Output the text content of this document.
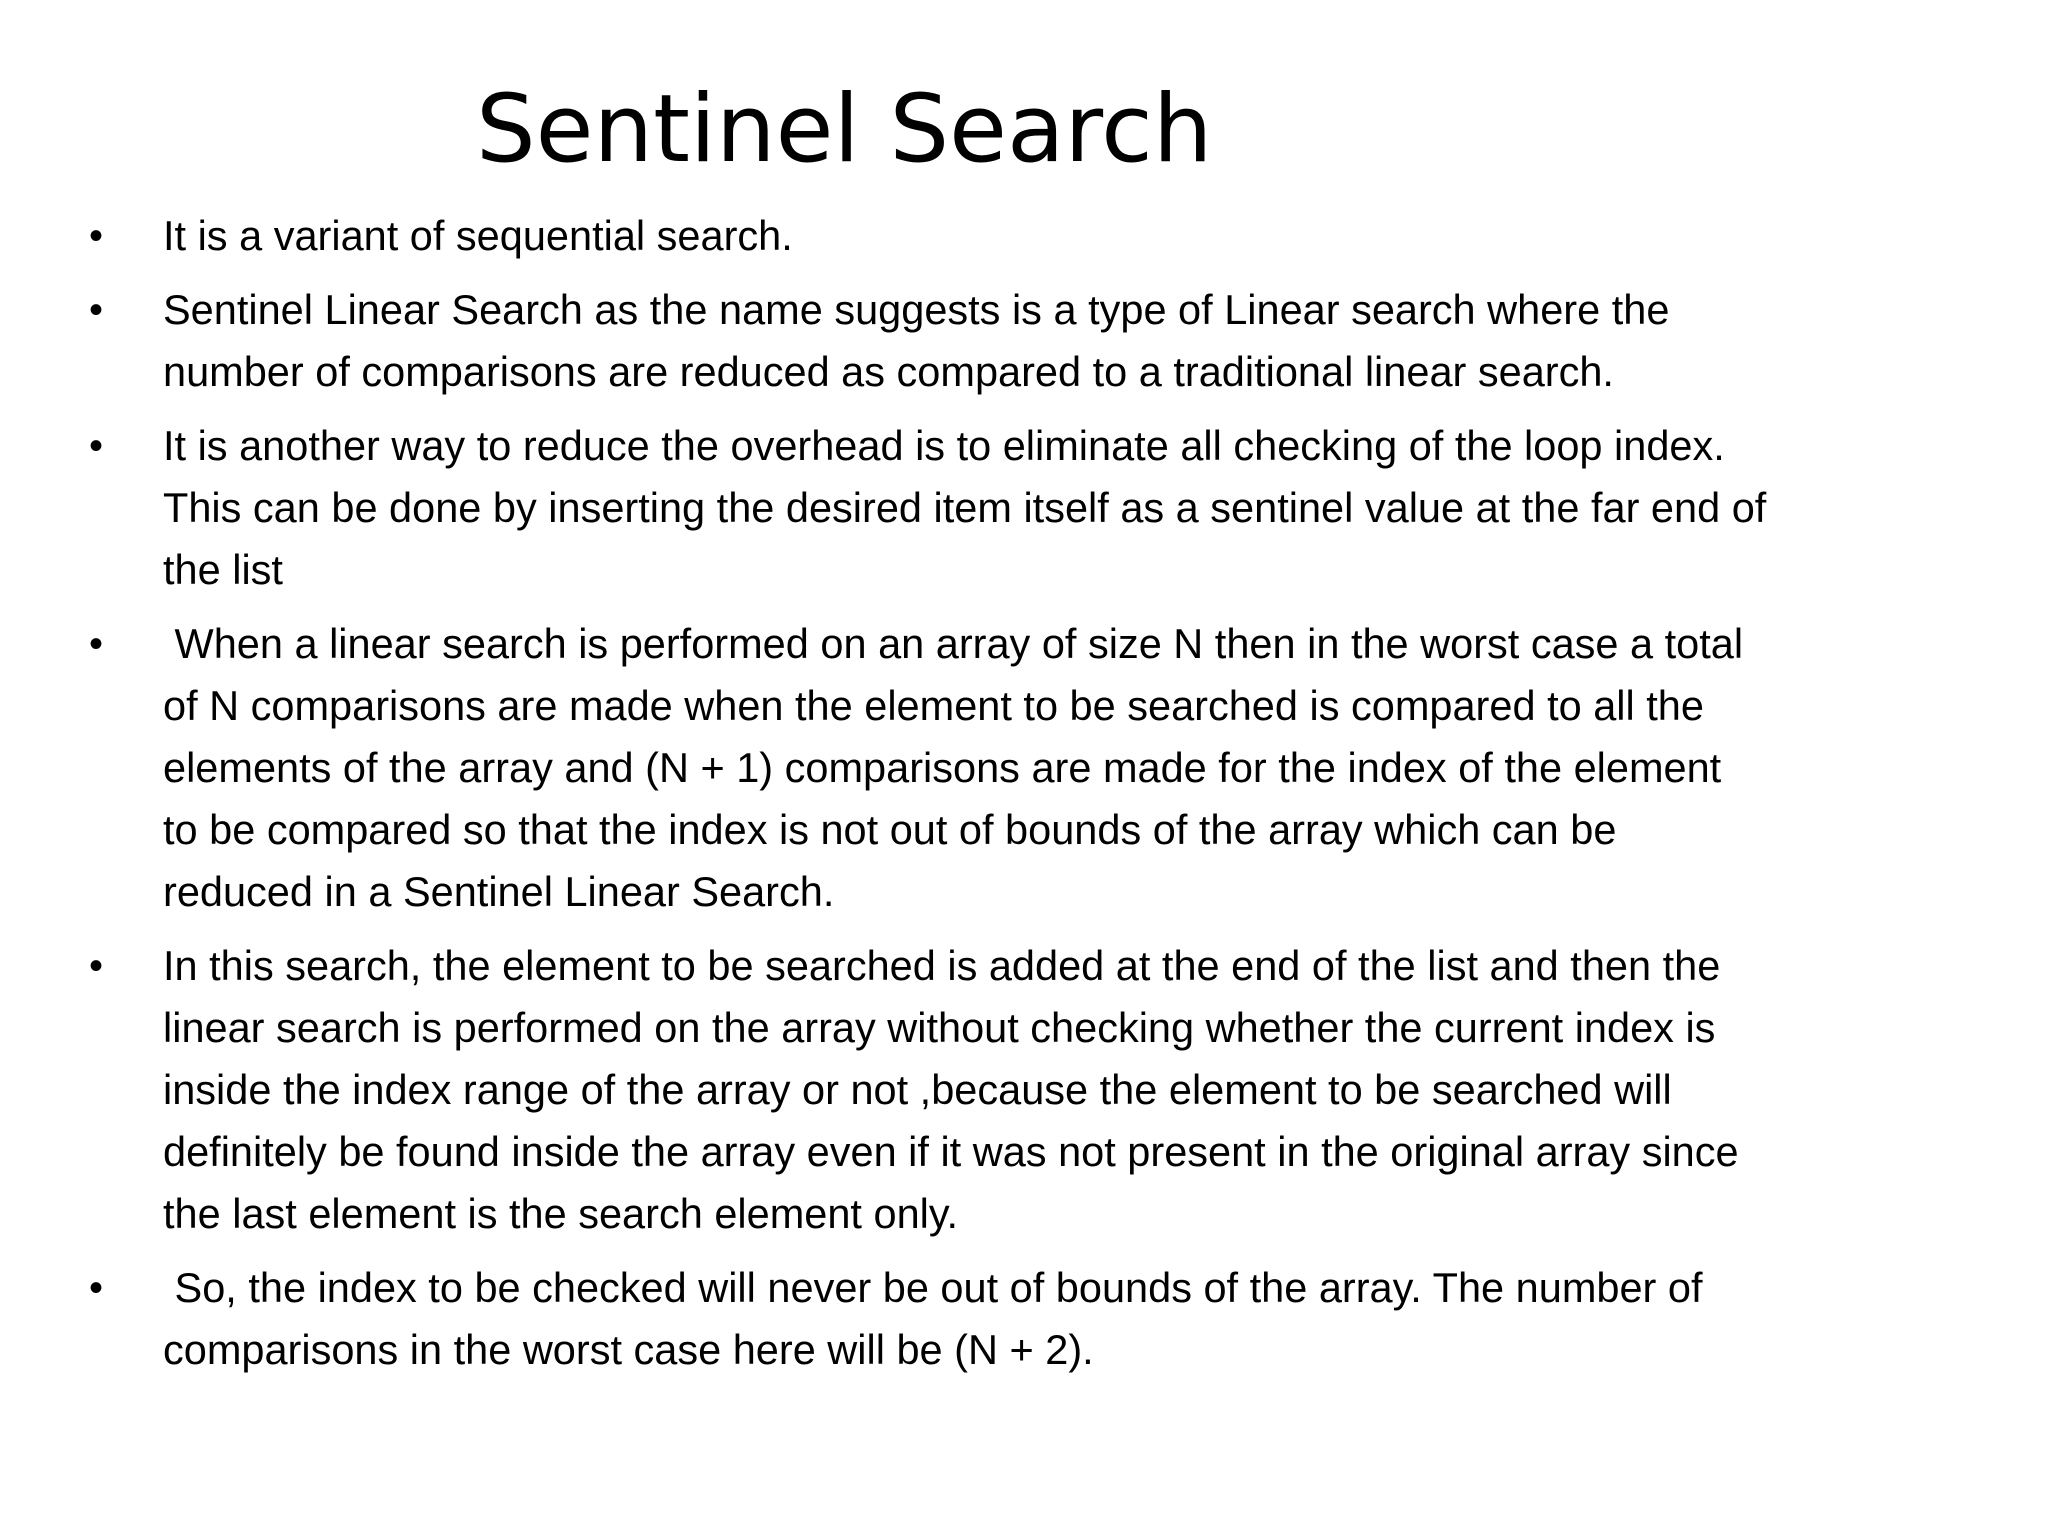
Sentinel Search
• It is a variant of sequential search.
• Sentinel Linear Search as the name suggests is a type of Linear search where the
number of comparisons are reduced as compared to a traditional linear search.
• It is another way to reduce the overhead is to eliminate all checking of the loop index.
This can be done by inserting the desired item itself as a sentinel value at the far end of
the list
• When a linear search is performed on an array of size N then in the worst case a total
of N comparisons are made when the element to be searched is compared to all the
elements of the array and (N + 1) comparisons are made for the index of the element
to be compared so that the index is not out of bounds of the array which can be
reduced in a Sentinel Linear Search.
• In this search, the element to be searched is added at the end of the list and then the
linear search is performed on the array without checking whether the current index is
inside the index range of the array or not ,because the element to be searched will
definitely be found inside the array even if it was not present in the original array since
the last element is the search element only.
• So, the index to be checked will never be out of bounds of the array. The number of
comparisons in the worst case here will be (N + 2).
